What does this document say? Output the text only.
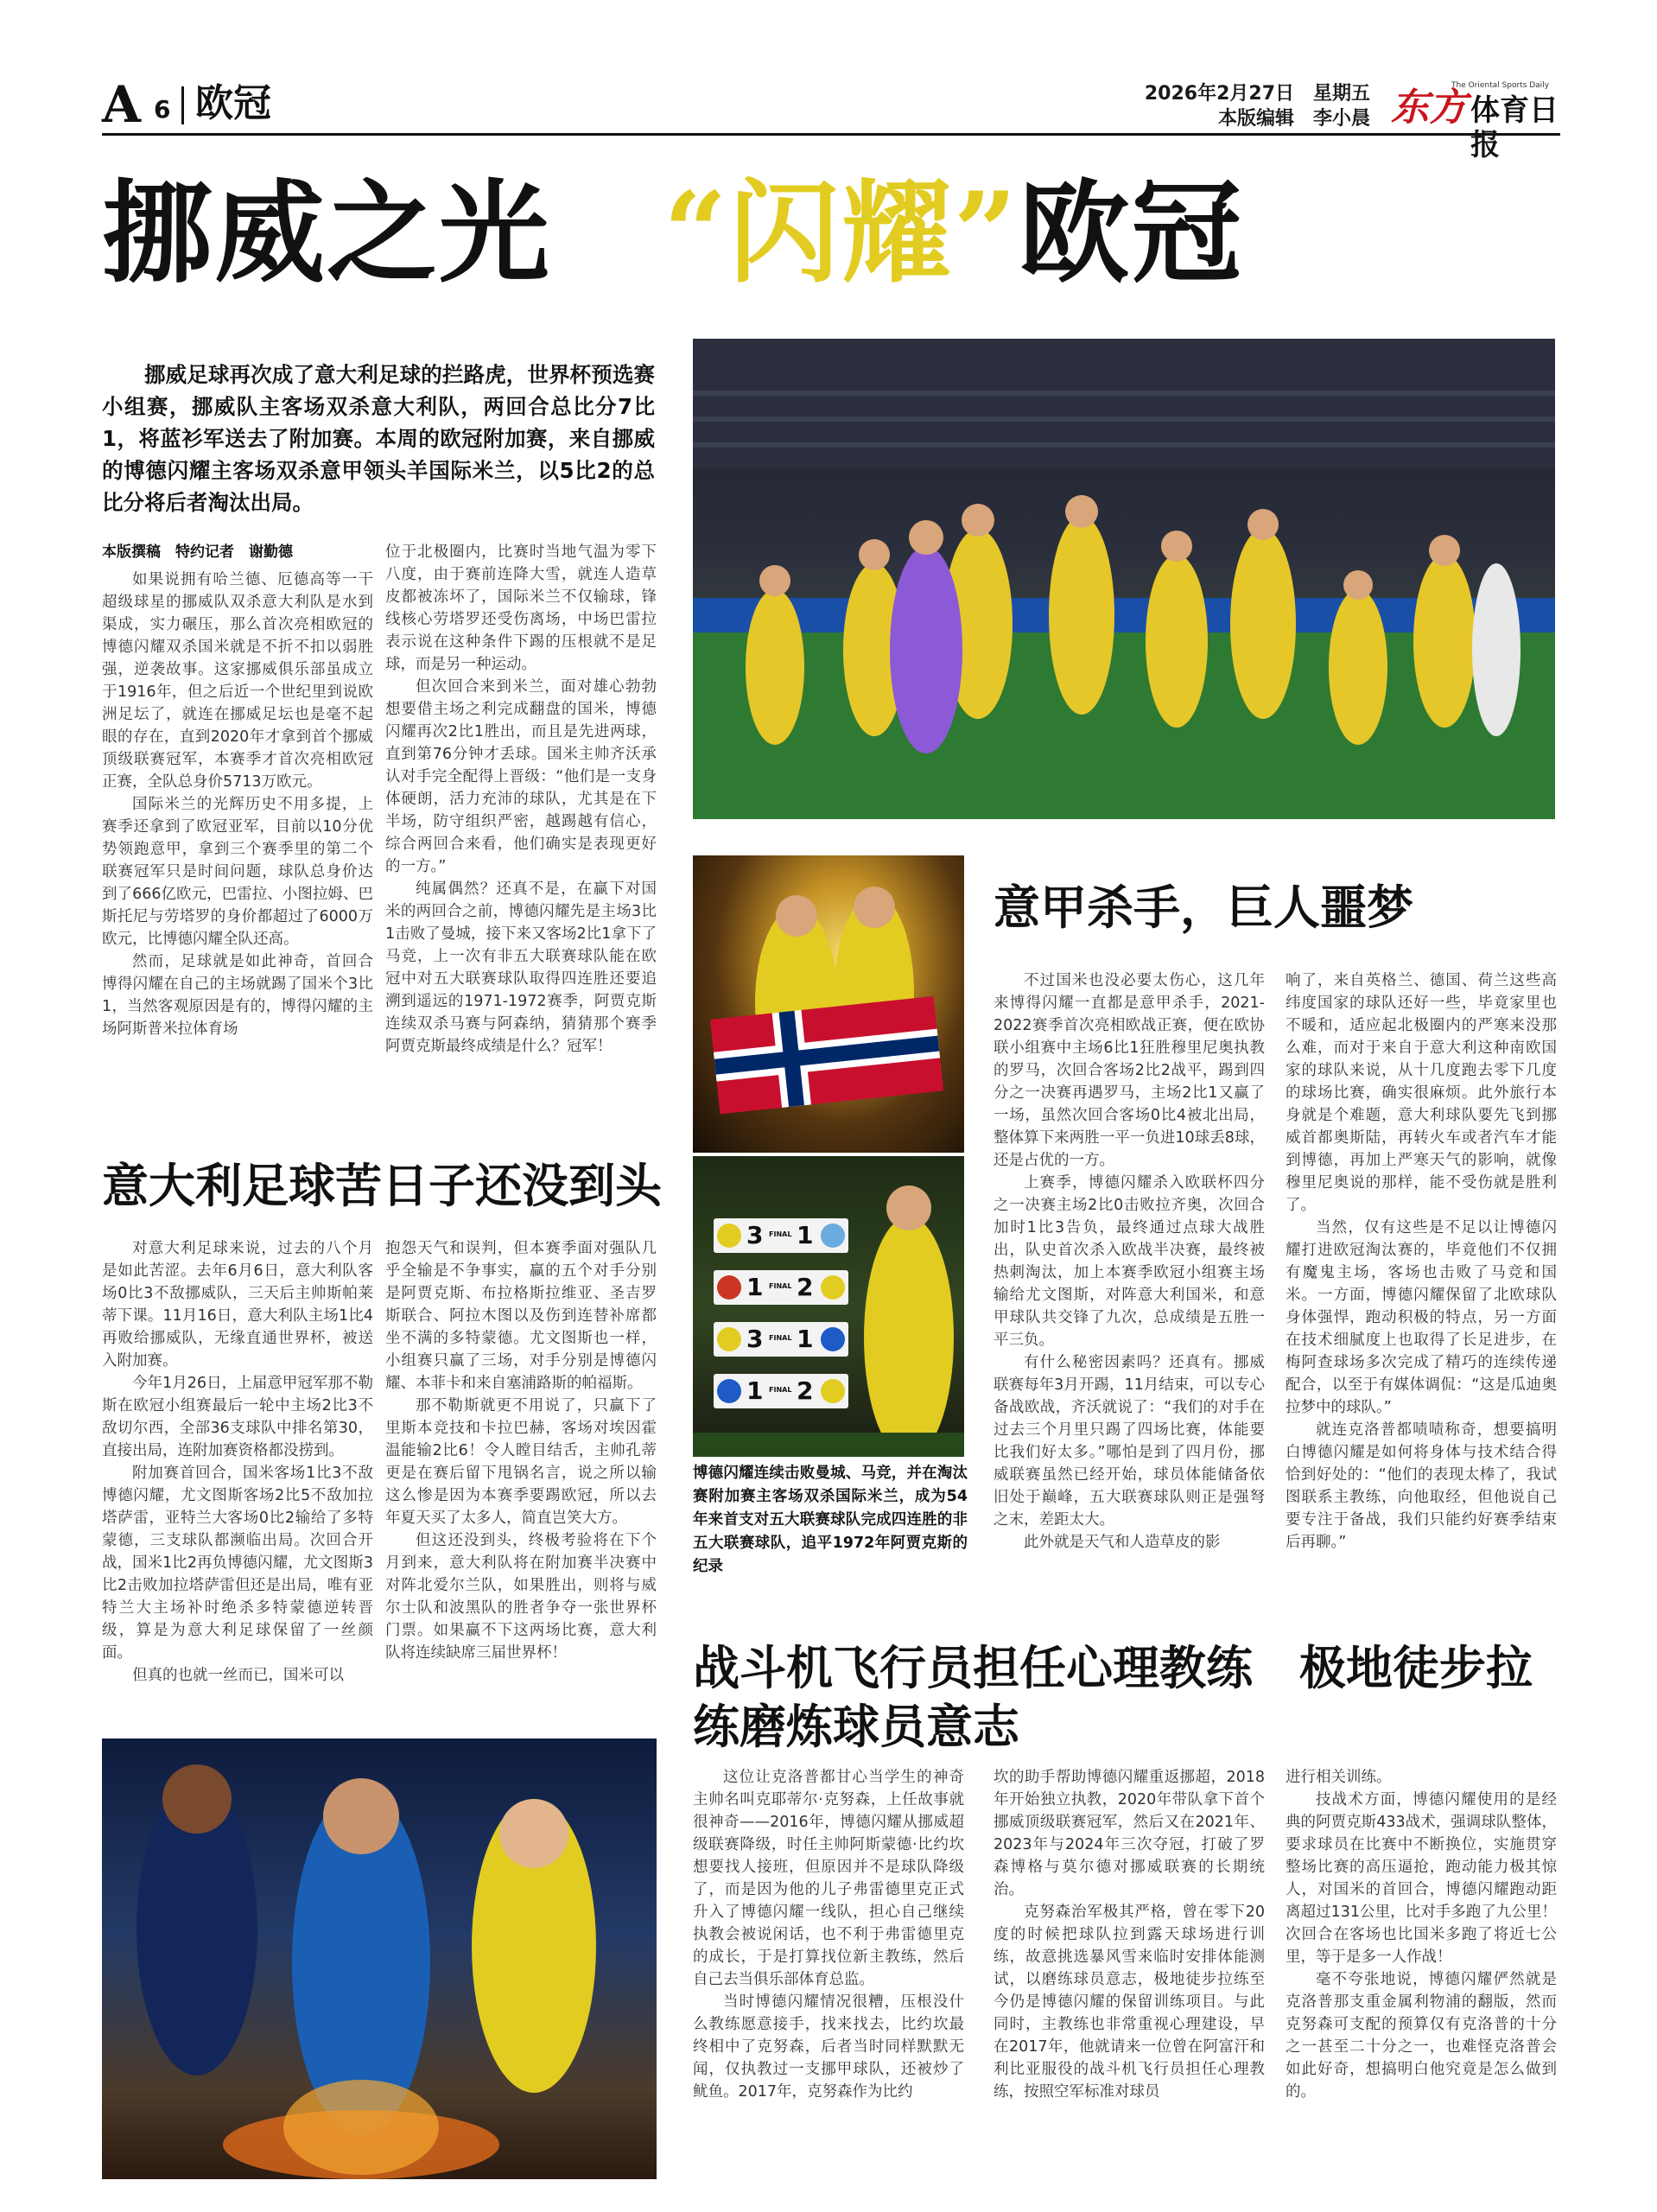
A 6 欧冠	2026年2月27日　星期五
本版编辑　李小晨
The Oriental Sports Daily
东方 体育日报
挪威之光　“闪耀”欧冠
挪威足球再次成了意大利足球的拦路虎，世界杯预选赛小组赛，挪威队主客场双杀意大利队，两回合总比分7比1，将蓝衫军送去了附加赛。本周的欧冠附加赛，来自挪威的博德闪耀主客场双杀意甲领头羊国际米兰，以5比2的总比分将后者淘汰出局。
本版撰稿　特约记者　谢勤德

如果说拥有哈兰德、厄德高等一干超级球星的挪威队双杀意大利队是水到渠成，实力碾压，那么首次亮相欧冠的博德闪耀双杀国米就是不折不扣以弱胜强，逆袭故事。这家挪威俱乐部虽成立于1916年，但之后近一个世纪里到说欧洲足坛了，就连在挪威足坛也是毫不起眼的存在，直到2020年才拿到首个挪威顶级联赛冠军，本赛季才首次亮相欧冠正赛，全队总身价5713万欧元。

国际米兰的光辉历史不用多提，上赛季还拿到了欧冠亚军，目前以10分优势领跑意甲，拿到三个赛季里的第二个联赛冠军只是时间问题，球队总身价达到了666亿欧元，巴雷拉、小图拉姆、巴斯托尼与劳塔罗的身价都超过了6000万欧元，比博德闪耀全队还高。

然而，足球就是如此神奇，首回合博得闪耀在自己的主场就踢了国米个3比1，当然客观原因是有的，博得闪耀的主场阿斯普米拉体育场

位于北极圈内，比赛时当地气温为零下八度，由于赛前连降大雪，就连人造草皮都被冻坏了，国际米兰不仅输球，锋线核心劳塔罗还受伤离场，中场巴雷拉表示说在这种条件下踢的压根就不是足球，而是另一种运动。

但次回合来到米兰，面对雄心勃勃想要借主场之利完成翻盘的国米，博德闪耀再次2比1胜出，而且是先进两球，直到第76分钟才丢球。国米主帅齐沃承认对手完全配得上晋级：“他们是一支身体硬朗，活力充沛的球队，尤其是在下半场，防守组织严密，越踢越有信心，综合两回合来看，他们确实是表现更好的一方。”

纯属偶然？还真不是，在赢下对国米的两回合之前，博德闪耀先是主场3比1击败了曼城，接下来又客场2比1拿下了马竞，上一次有非五大联赛球队能在欧冠中对五大联赛球队取得四连胜还要追溯到遥远的1971-1972赛季，阿贾克斯连续双杀马赛与阿森纳，猜猜那个赛季阿贾克斯最终成绩是什么？冠军！

3 FINAL 1
1 FINAL 2
3 FINAL 1
1 FINAL 2
博德闪耀连续击败曼城、马竞，并在淘汰赛附加赛主客场双杀国际米兰，成为54年来首支对五大联赛球队完成四连胜的非五大联赛球队，追平1972年阿贾克斯的纪录
意甲杀手，巨人噩梦

不过国米也没必要太伤心，这几年来博得闪耀一直都是意甲杀手，2021-2022赛季首次亮相欧战正赛，便在欧协联小组赛中主场6比1狂胜穆里尼奥执教的罗马，次回合客场2比2战平，踢到四分之一决赛再遇罗马，主场2比1又赢了一场，虽然次回合客场0比4被北出局，整体算下来两胜一平一负进10球丢8球，还是占优的一方。

上赛季，博德闪耀杀入欧联杯四分之一决赛主场2比0击败拉齐奥，次回合加时1比3告负，最终通过点球大战胜出，队史首次杀入欧战半决赛，最终被热刺淘汰，加上本赛季欧冠小组赛主场输给尤文图斯，对阵意大利国米，和意甲球队共交锋了九次，总成绩是五胜一平三负。

有什么秘密因素吗？还真有。挪威联赛每年3月开踢，11月结束，可以专心备战欧战，齐沃就说了：“我们的对手在过去三个月里只踢了四场比赛，体能要比我们好太多。”哪怕是到了四月份，挪威联赛虽然已经开始，球员体能储备依旧处于巅峰，五大联赛球队则正是强弩之末，差距太大。

此外就是天气和人造草皮的影

响了，来自英格兰、德国、荷兰这些高纬度国家的球队还好一些，毕竟家里也不暖和，适应起北极圈内的严寒来没那么难，而对于来自于意大利这种南欧国家的球队来说，从十几度跑去零下几度的球场比赛，确实很麻烦。此外旅行本身就是个难题，意大利球队要先飞到挪威首都奥斯陆，再转火车或者汽车才能到博德，再加上严寒天气的影响，就像穆里尼奥说的那样，能不受伤就是胜利了。

当然，仅有这些是不足以让博德闪耀打进欧冠淘汰赛的，毕竟他们不仅拥有魔鬼主场，客场也击败了马竞和国米。一方面，博德闪耀保留了北欧球队身体强悍，跑动积极的特点，另一方面在技术细腻度上也取得了长足进步，在梅阿查球场多次完成了精巧的连续传递配合，以至于有媒体调侃：“这是瓜迪奥拉梦中的球队。”

就连克洛普都啧啧称奇，想要搞明白博德闪耀是如何将身体与技术结合得恰到好处的：“他们的表现太棒了，我试图联系主教练，向他取经，但他说自己要专注于备战，我们只能约好赛季结束后再聊。”

意大利足球苦日子还没到头

对意大利足球来说，过去的八个月是如此苦涩。去年6月6日，意大利队客场0比3不敌挪威队，三天后主帅斯帕莱蒂下课。11月16日，意大利队主场1比4再败给挪威队，无缘直通世界杯，被送入附加赛。

今年1月26日，上届意甲冠军那不勒斯在欧冠小组赛最后一轮中主场2比3不敌切尔西，全部36支球队中排名第30，直接出局，连附加赛资格都没捞到。

附加赛首回合，国米客场1比3不敌博德闪耀，尤文图斯客场2比5不敌加拉塔萨雷，亚特兰大客场0比2输给了多特蒙德，三支球队都濒临出局。次回合开战，国米1比2再负博德闪耀，尤文图斯3比2击败加拉塔萨雷但还是出局，唯有亚特兰大主场补时绝杀多特蒙德逆转晋级，算是为意大利足球保留了一丝颜面。

但真的也就一丝而已，国米可以

抱怨天气和误判，但本赛季面对强队几乎全输是不争事实，赢的五个对手分别是阿贾克斯、布拉格斯拉维亚、圣吉罗斯联合、阿拉木图以及伤到连替补席都坐不满的多特蒙德。尤文图斯也一样，小组赛只赢了三场，对手分别是博德闪耀、本菲卡和来自塞浦路斯的帕福斯。

那不勒斯就更不用说了，只赢下了里斯本竞技和卡拉巴赫，客场对埃因霍温能输2比6！令人瞠目结舌，主帅孔蒂更是在赛后留下甩锅名言，说之所以输这么惨是因为本赛季要踢欧冠，所以去年夏天买了太多人，简直岂笑大方。

但这还没到头，终极考验将在下个月到来，意大利队将在附加赛半决赛中对阵北爱尔兰队，如果胜出，则将与威尔士队和波黑队的胜者争夺一张世界杯门票。如果赢不下这两场比赛，意大利队将连续缺席三届世界杯！	战斗机飞行员担任心理教练　极地徒步拉练磨炼球员意志

这位让克洛普都甘心当学生的神奇主帅名叫克耶蒂尔·克努森，上任故事就很神奇——2016年，博德闪耀从挪威超级联赛降级，时任主帅阿斯蒙德·比约坎想要找人接班，但原因并不是球队降级了，而是因为他的儿子弗雷德里克正式升入了博德闪耀一线队，担心自己继续执教会被说闲话，也不利于弗雷德里克的成长，于是打算找位新主教练，然后自己去当俱乐部体育总监。

当时博德闪耀情况很糟，压根没什么教练愿意接手，找来找去，比约坎最终相中了克努森，后者当时同样默默无闻，仅执教过一支挪甲球队，还被炒了鱿鱼。2017年，克努森作为比约

坎的助手帮助博德闪耀重返挪超，2018年开始独立执教，2020年带队拿下首个挪威顶级联赛冠军，然后又在2021年、2023年与2024年三次夺冠，打破了罗森博格与莫尔德对挪威联赛的长期统治。

克努森治军极其严格，曾在零下20度的时候把球队拉到露天球场进行训练，故意挑选暴风雪来临时安排体能测试，以磨练球员意志，极地徒步拉练至今仍是博德闪耀的保留训练项目。与此同时，主教练也非常重视心理建设，早在2017年，他就请来一位曾在阿富汗和利比亚服役的战斗机飞行员担任心理教练，按照空军标准对球员

进行相关训练。

技战术方面，博德闪耀使用的是经典的阿贾克斯433战术，强调球队整体，要求球员在比赛中不断换位，实施贯穿整场比赛的高压逼抢，跑动能力极其惊人，对国米的首回合，博德闪耀跑动距离超过131公里，比对手多跑了九公里！次回合在客场也比国米多跑了将近七公里，等于是多一人作战！

毫不夸张地说，博德闪耀俨然就是克洛普那支重金属利物浦的翻版，然而克努森可支配的预算仅有克洛普的十分之一甚至二十分之一，也难怪克洛普会如此好奇，想搞明白他究竟是怎么做到的。
